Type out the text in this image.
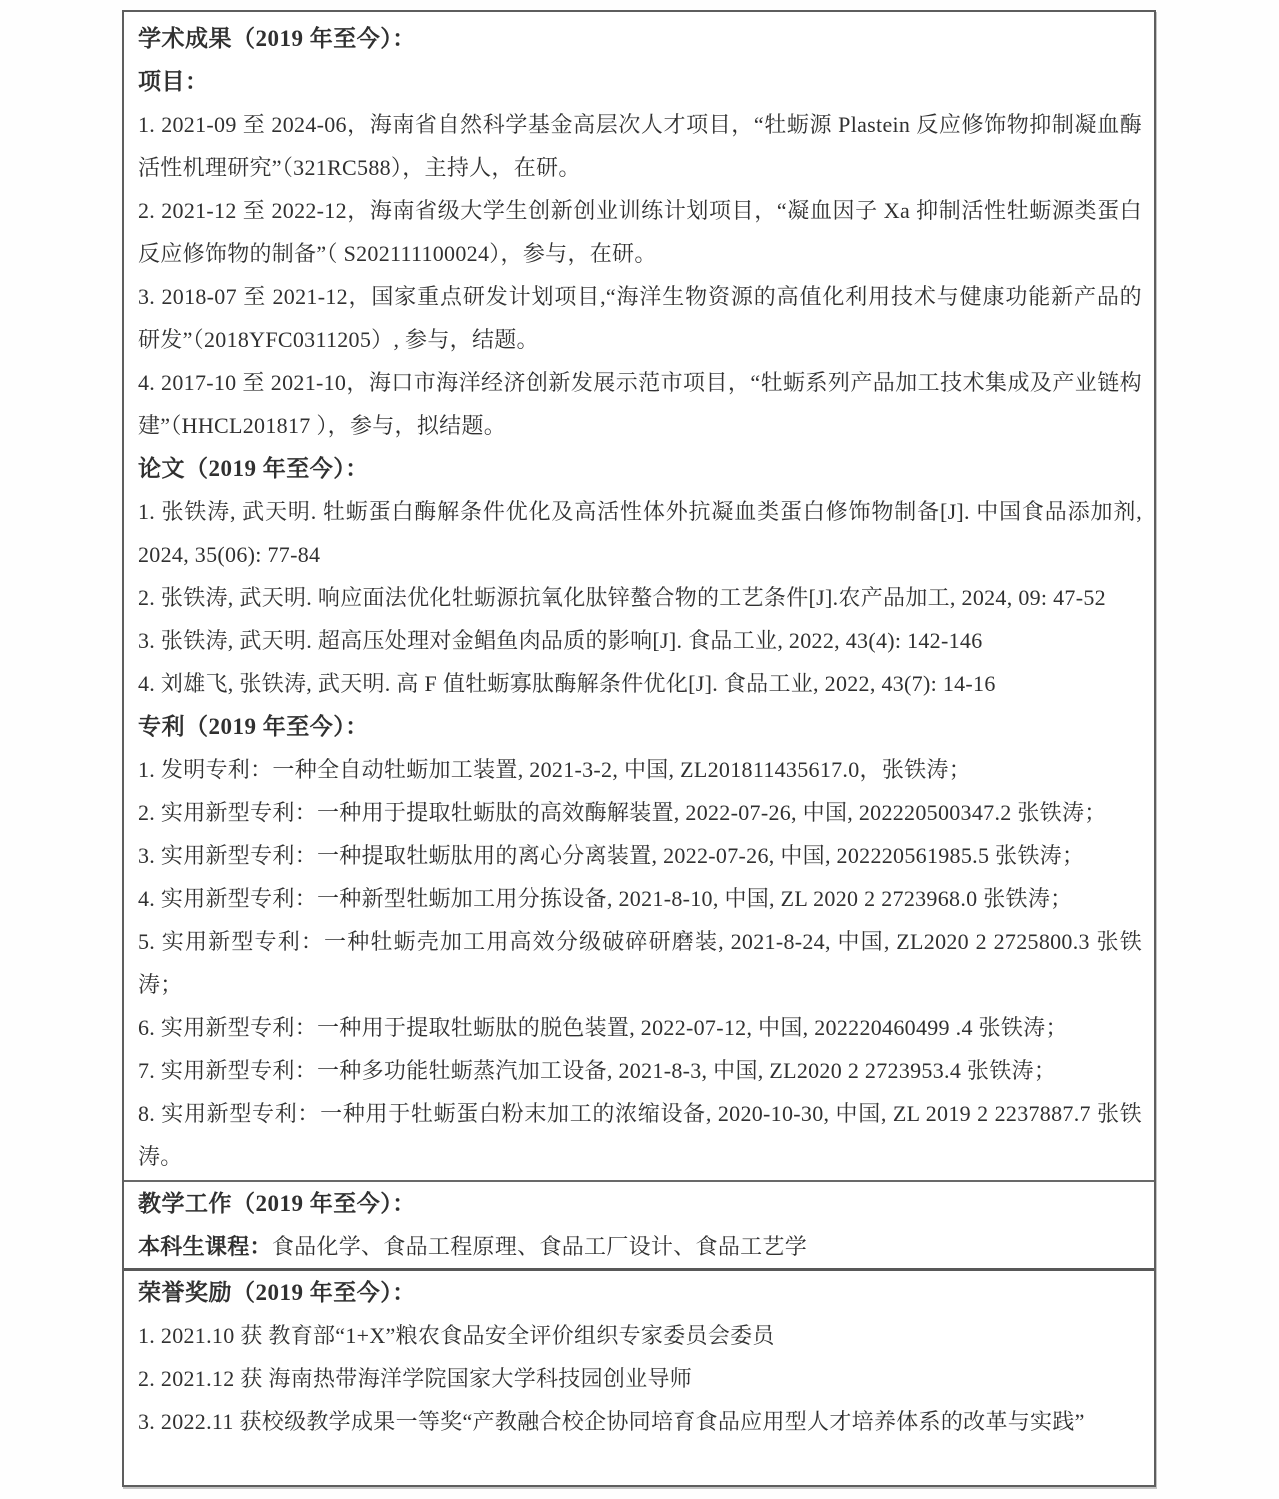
学术成果（2019 年至今）：

项目：

1. 2021-09 至 2024-06，海南省自然科学基金高层次人才项目，“牡蛎源 Plastein 反应修饰物抑制凝血酶活性机理研究”（321RC588），主持人，在研。

2. 2021-12 至 2022-12，海南省级大学生创新创业训练计划项目，“凝血因子 Xa 抑制活性牡蛎源类蛋白反应修饰物的制备”（ S202111100024），参与，在研。

3. 2018-07 至 2021-12，国家重点研发计划项目,“海洋生物资源的高值化利用技术与健康功能新产品的研发”（2018YFC0311205）, 参与，结题。

4. 2017-10 至 2021-10，海口市海洋经济创新发展示范市项目，“牡蛎系列产品加工技术集成及产业链构建”（HHCL201817 ），参与，拟结题。

论文（2019 年至今）：

1. 张铁涛, 武天明. 牡蛎蛋白酶解条件优化及高活性体外抗凝血类蛋白修饰物制备[J]. 中国食品添加剂, 2024, 35(06): 77-84

2. 张铁涛, 武天明. 响应面法优化牡蛎源抗氧化肽锌螯合物的工艺条件[J].农产品加工, 2024, 09: 47-52

3. 张铁涛, 武天明. 超高压处理对金鲳鱼肉品质的影响[J]. 食品工业, 2022, 43(4): 142-146

4. 刘雄飞, 张铁涛, 武天明. 高 F 值牡蛎寡肽酶解条件优化[J]. 食品工业, 2022, 43(7): 14-16

专利（2019 年至今）：

1. 发明专利：一种全自动牡蛎加工装置, 2021-3-2, 中国, ZL201811435617.0，张铁涛；

2. 实用新型专利：一种用于提取牡蛎肽的高效酶解装置, 2022-07-26, 中国, 202220500347.2 张铁涛；

3. 实用新型专利：一种提取牡蛎肽用的离心分离装置, 2022-07-26, 中国, 202220561985.5 张铁涛；

4. 实用新型专利：一种新型牡蛎加工用分拣设备, 2021-8-10, 中国, ZL 2020 2 2723968.0 张铁涛；

5. 实用新型专利：一种牡蛎壳加工用高效分级破碎研磨装, 2021-8-24, 中国, ZL2020 2 2725800.3 张铁涛；

6. 实用新型专利：一种用于提取牡蛎肽的脱色装置, 2022-07-12, 中国, 202220460499 .4 张铁涛；

7. 实用新型专利：一种多功能牡蛎蒸汽加工设备, 2021-8-3, 中国, ZL2020 2 2723953.4 张铁涛；

8. 实用新型专利：一种用于牡蛎蛋白粉末加工的浓缩设备, 2020-10-30, 中国, ZL 2019 2 2237887.7 张铁涛。

教学工作（2019 年至今）：

本科生课程：食品化学、食品工程原理、食品工厂设计、食品工艺学

荣誉奖励（2019 年至今）：

1. 2021.10 获 教育部“1+X”粮农食品安全评价组织专家委员会委员

2. 2021.12 获 海南热带海洋学院国家大学科技园创业导师

3. 2022.11 获校级教学成果一等奖“产教融合校企协同培育食品应用型人才培养体系的改革与实践”
